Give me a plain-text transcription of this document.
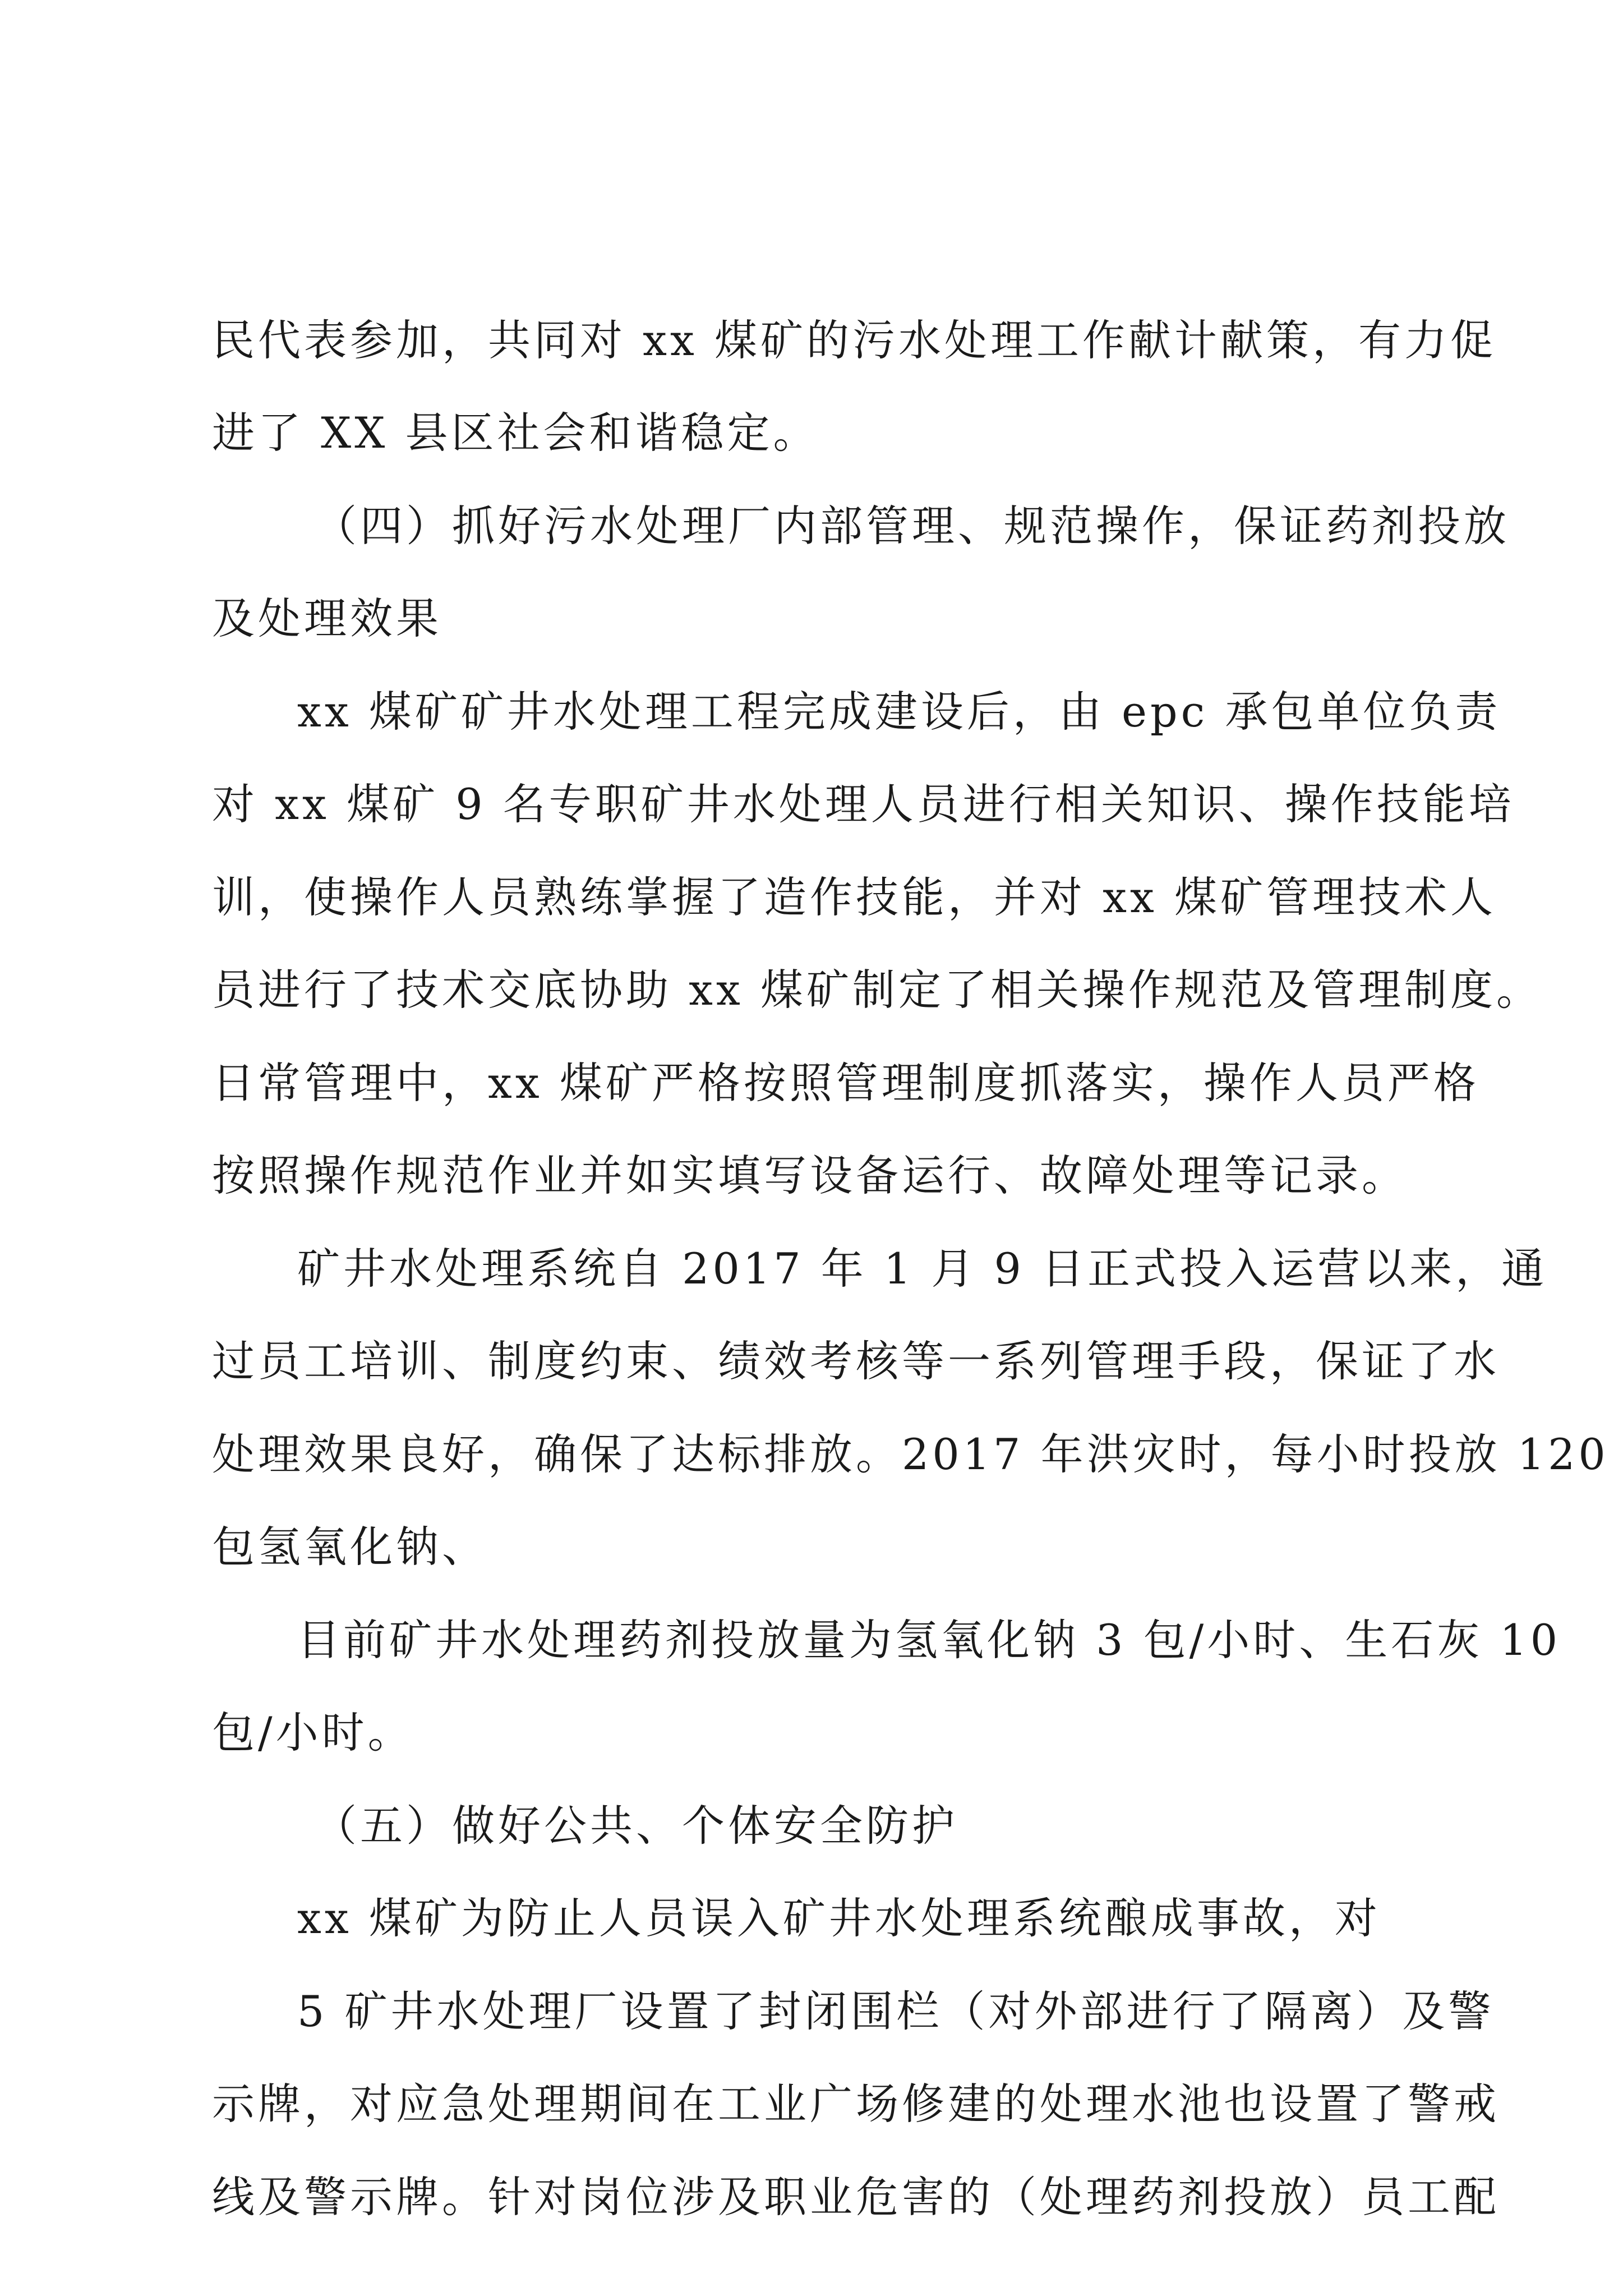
民代表参加，共同对 xx 煤矿的污水处理工作献计献策，有力促
进了 XX 县区社会和谐稳定。
（四）抓好污水处理厂内部管理、规范操作，保证药剂投放
及处理效果
xx 煤矿矿井水处理工程完成建设后，由 epc 承包单位负责
对 xx 煤矿 9 名专职矿井水处理人员进行相关知识、操作技能培
训，使操作人员熟练掌握了造作技能，并对 xx 煤矿管理技术人
员进行了技术交底协助 xx 煤矿制定了相关操作规范及管理制度。
日常管理中，xx 煤矿严格按照管理制度抓落实，操作人员严格
按照操作规范作业并如实填写设备运行、故障处理等记录。
矿井水处理系统自 2017 年 1 月 9 日正式投入运营以来，通
过员工培训、制度约束、绩效考核等一系列管理手段，保证了水
处理效果良好，确保了达标排放。2017 年洪灾时，每小时投放 120
包氢氧化钠、
目前矿井水处理药剂投放量为氢氧化钠 3 包/小时、生石灰 10
包/小时。
（五）做好公共、个体安全防护
xx 煤矿为防止人员误入矿井水处理系统酿成事故，对
5 矿井水处理厂设置了封闭围栏（对外部进行了隔离）及警
示牌，对应急处理期间在工业广场修建的处理水池也设置了警戒
线及警示牌。针对岗位涉及职业危害的（处理药剂投放）员工配
